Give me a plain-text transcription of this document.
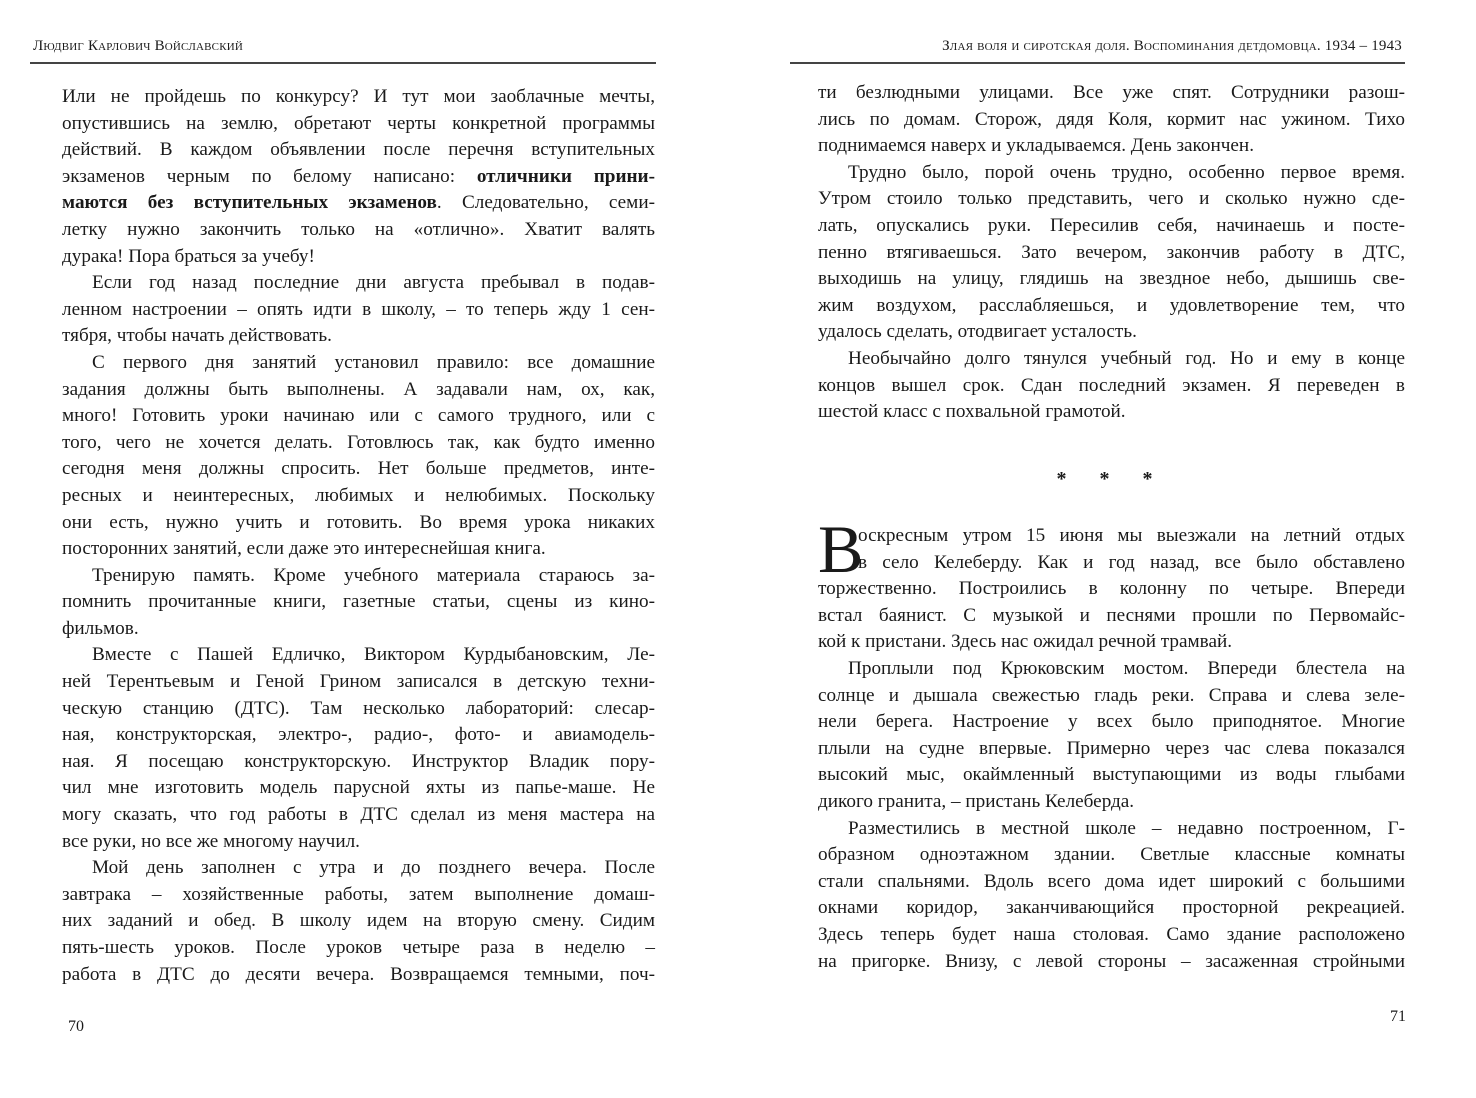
Людвиг Карлович Войславский
Или не пройдешь по конкурсу? И тут мои заоблачные мечты,
опустившись на землю, обретают черты конкретной программы
действий. В каждом объявлении после перечня вступительных
экзаменов черным по белому написано: отличники прини-
маются без вступительных экзаменов. Следовательно, семи-
летку нужно закончить только на «отлично». Хватит валять
дурака! Пора браться за учебу!
Если год назад последние дни августа пребывал в подав-
ленном настроении – опять идти в школу, – то теперь жду 1 сен-
тября, чтобы начать действовать.
С первого дня занятий установил правило: все домашние
задания должны быть выполнены. А задавали нам, ох, как,
много! Готовить уроки начинаю или с самого трудного, или с
того, чего не хочется делать. Готовлюсь так, как будто именно
сегодня меня должны спросить. Нет больше предметов, инте-
ресных и неинтересных, любимых и нелюбимых. Поскольку
они есть, нужно учить и готовить. Во время урока никаких
посторонних занятий, если даже это интереснейшая книга.
Тренирую память. Кроме учебного материала стараюсь за-
помнить прочитанные книги, газетные статьи, сцены из кино-
фильмов.
Вместе с Пашей Едличко, Виктором Курдыбановским, Ле-
ней Терентьевым и Геной Грином записался в детскую техни-
ческую станцию (ДТС). Там несколько лабораторий: слесар-
ная, конструкторская, электро-, радио-, фото- и авиамодель-
ная. Я посещаю конструкторскую. Инструктор Владик пору-
чил мне изготовить модель парусной яхты из папье-маше. Не
могу сказать, что год работы в ДТС сделал из меня мастера на
все руки, но все же многому научил.
Мой день заполнен с утра и до позднего вечера. После
завтрака – хозяйственные работы, затем выполнение домаш-
них заданий и обед. В школу идем на вторую смену. Сидим
пять-шесть уроков. После уроков четыре раза в неделю –
работа в ДТС до десяти вечера. Возвращаемся темными, поч-
70
Злая воля и сиротская доля. Воспоминания детдомовца. 1934 – 1943
ти безлюдными улицами. Все уже спят. Сотрудники разош-
лись по домам. Сторож, дядя Коля, кормит нас ужином. Тихо
поднимаемся наверх и укладываемся. День закончен.
Трудно было, порой очень трудно, особенно первое время.
Утром стоило только представить, чего и сколько нужно сде-
лать, опускались руки. Пересилив себя, начинаешь и посте-
пенно втягиваешься. Зато вечером, закончив работу в ДТС,
выходишь на улицу, глядишь на звездное небо, дышишь све-
жим воздухом, расслабляешься, и удовлетворение тем, что
удалось сделать, отодвигает усталость.
Необычайно долго тянулся учебный год. Но и ему в конце
концов вышел срок. Сдан последний экзамен. Я переведен в
шестой класс с похвальной грамотой.
* * *
В
оскресным утром 15 июня мы выезжали на летний отдых
в село Келеберду. Как и год назад, все было обставлено
торжественно. Построились в колонну по четыре. Впереди
встал баянист. С музыкой и песнями прошли по Первомайс-
кой к пристани. Здесь нас ожидал речной трамвай.
Проплыли под Крюковским мостом. Впереди блестела на
солнце и дышала свежестью гладь реки. Справа и слева зеле-
нели берега. Настроение у всех было приподнятое. Многие
плыли на судне впервые. Примерно через час слева показался
высокий мыс, окаймленный выступающими из воды глыбами
дикого гранита, – пристань Келеберда.
Разместились в местной школе – недавно построенном, Г-
образном одноэтажном здании. Светлые классные комнаты
стали спальнями. Вдоль всего дома идет широкий с большими
окнами коридор, заканчивающийся просторной рекреацией.
Здесь теперь будет наша столовая. Само здание расположено
на пригорке. Внизу, с левой стороны – засаженная стройными
71
